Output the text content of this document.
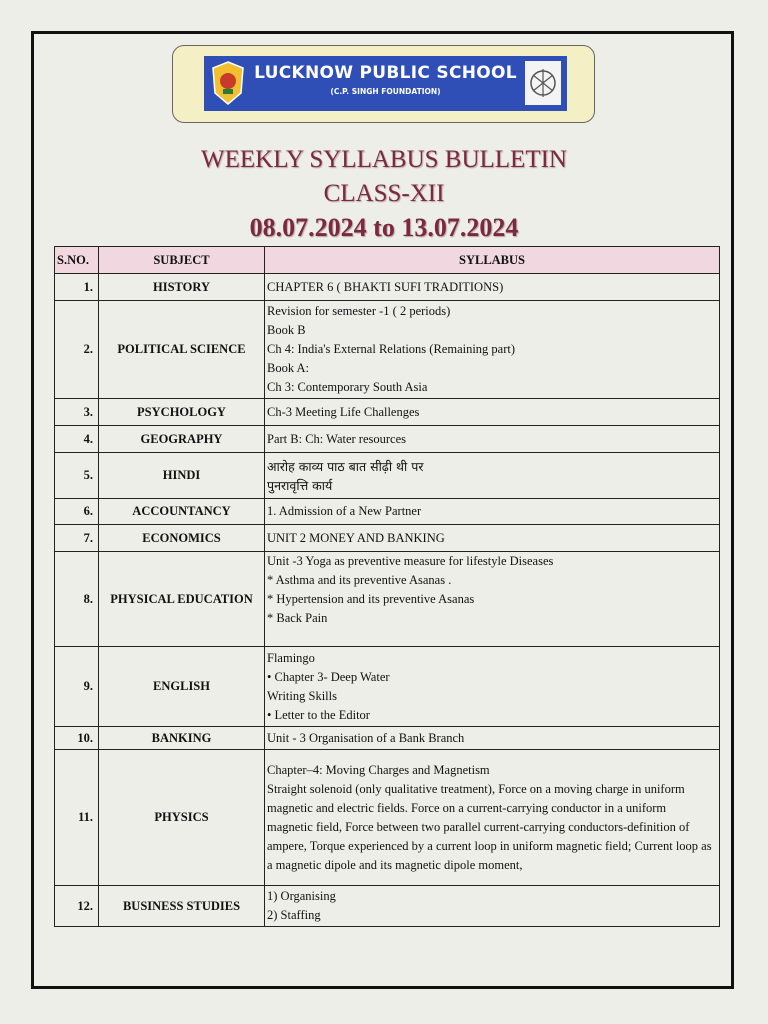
LUCKNOW PUBLIC SCHOOL
(C.P. SINGH FOUNDATION)
WEEKLY SYLLABUS BULLETIN
CLASS-XII
08.07.2024 to 13.07.2024
S.NO.	SUBJECT	SYLLABUS
1.	HISTORY	CHAPTER 6 ( BHAKTI SUFI TRADITIONS)

2.	POLITICAL SCIENCE	Revision for semester -1 ( 2 periods)
Book B
Ch 4: India's External Relations (Remaining part)
Book A:
Ch 3: Contemporary South Asia

3.	PSYCHOLOGY	Ch-3 Meeting Life Challenges

4.	GEOGRAPHY	Part B: Ch: Water resources

5.	HINDI	आरोह काव्य पाठ बात सीढ़ी थी पर
पुनरावृत्ति कार्य

6.	ACCOUNTANCY	1. Admission of a New Partner

7.	ECONOMICS	UNIT 2 MONEY AND BANKING

8.	PHYSICAL EDUCATION	Unit -3 Yoga as preventive measure for lifestyle Diseases
* Asthma and its preventive Asanas .
* Hypertension and its preventive Asanas
* Back Pain

9.	ENGLISH	Flamingo
• Chapter 3- Deep Water
Writing Skills
• Letter to the Editor

10.	BANKING	Unit - 3 Organisation of a Bank Branch

11.	PHYSICS	Chapter–4: Moving Charges and Magnetism
Straight solenoid (only qualitative treatment), Force on a moving charge in uniform magnetic and electric fields. Force on a current-carrying conductor in a uniform magnetic field, Force between two parallel current-carrying conductors-definition of ampere, Torque experienced by a current loop in uniform magnetic field; Current loop as a magnetic dipole and its magnetic dipole moment,

12.	BUSINESS STUDIES	1) Organising
2) Staffing
